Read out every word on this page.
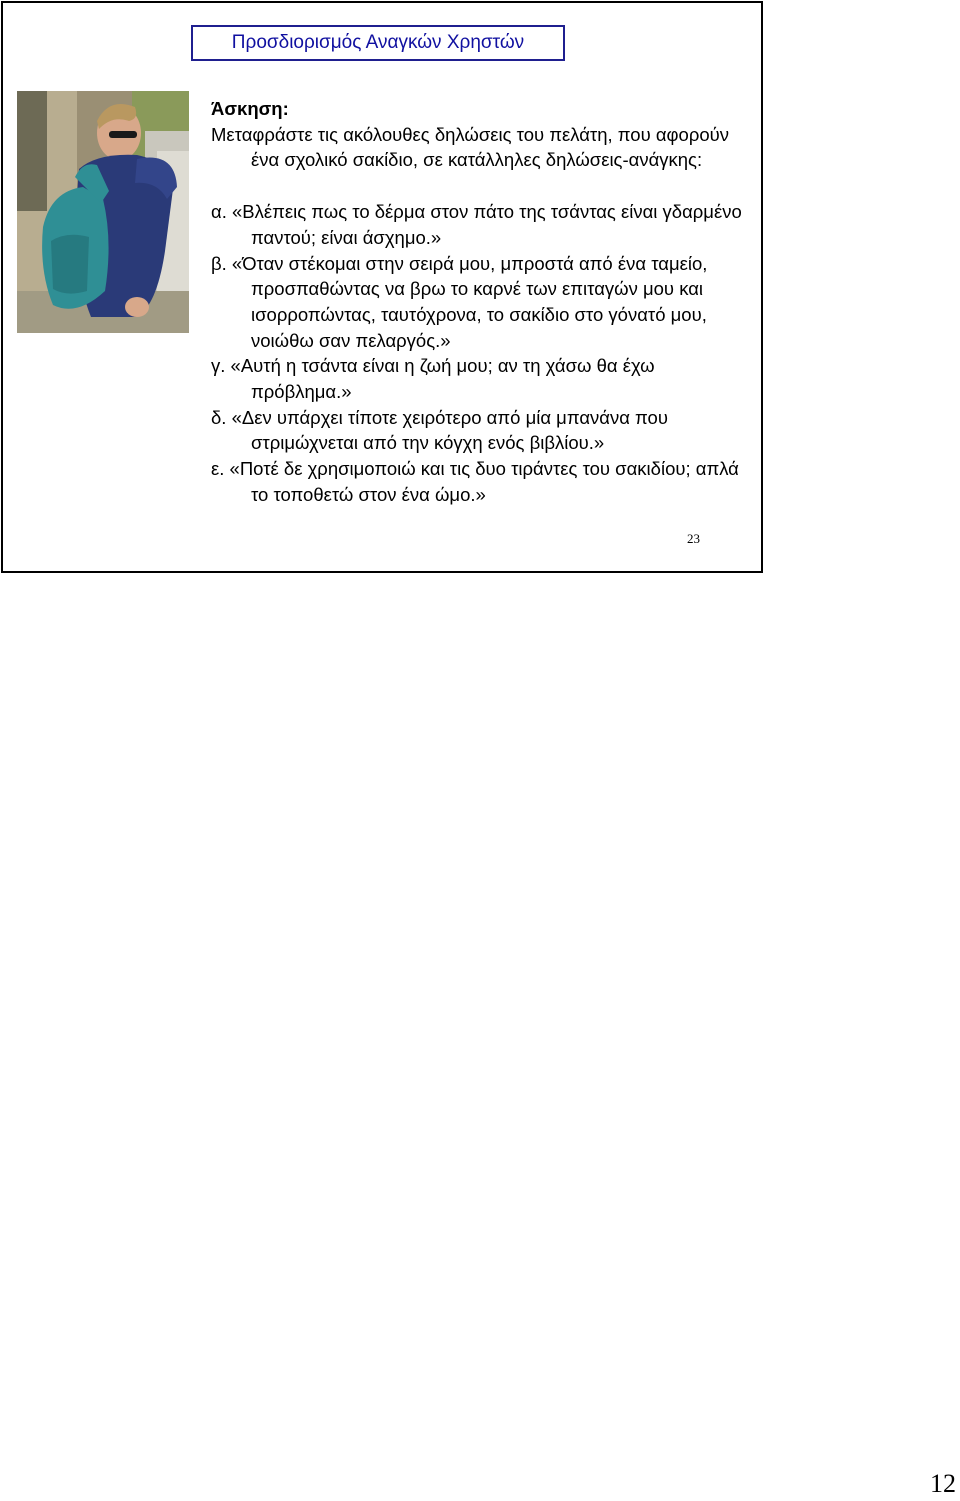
Προσδιορισμός Αναγκών Χρηστών
Άσκηση:
Μεταφράστε τις ακόλουθες δηλώσεις του πελάτη, που αφορούν ένα σχολικό σακίδιο, σε κατάλληλες δηλώσεις-ανάγκης:
α. «Βλέπεις πως το δέρμα στον πάτο της τσάντας είναι γδαρμένο παντού; είναι άσχημο.»
β. «Όταν στέκομαι στην σειρά μου, μπροστά από ένα ταμείο, προσπαθώντας να βρω το καρνέ των επιταγών μου και ισορροπώντας, ταυτόχρονα, το σακίδιο στο γόνατό μου, νοιώθω σαν πελαργός.»
γ. «Αυτή η τσάντα είναι η ζωή μου; αν τη χάσω θα έχω πρόβλημα.»
δ. «Δεν υπάρχει τίποτε χειρότερο από μία μπανάνα που στριμώχνεται από την κόγχη ενός βιβλίου.»
ε. «Ποτέ δε χρησιμοποιώ και τις δυο τιράντες του σακιδίου; απλά το τοποθετώ στον ένα ώμο.»
23
12
